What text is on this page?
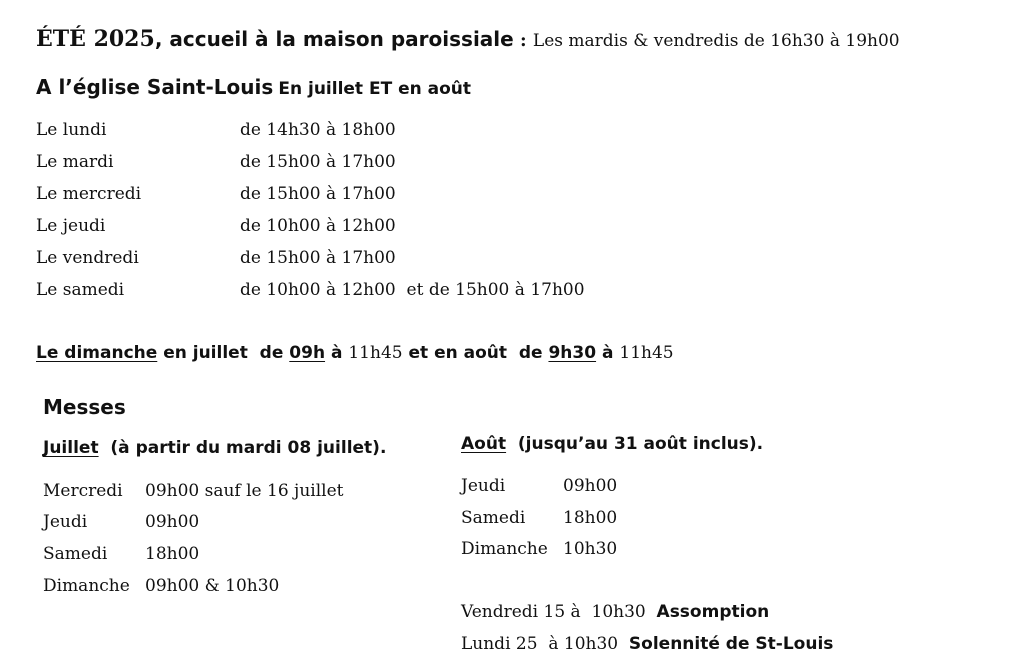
ÉTÉ 2025, accueil à la maison paroissiale : Les mardis & vendredis de 16h30 à 19h00
A l’église Saint-Louis En juillet ET en août
Le lundi	de 14h30 à 18h00
Le mardi	de 15h00 à 17h00
Le mercredi	de 15h00 à 17h00
Le jeudi	de 10h00 à 12h00
Le vendredi	de 15h00 à 17h00
Le samedi	de 10h00 à 12h00  et de 15h00 à 17h00
Le dimanche en juillet  de 09h à 11h45 et en août  de 9h30 à 11h45
Messes
Juillet  (à partir du mardi 08 juillet).
Mercredi 09h00 sauf le 16 juillet
Jeudi	09h00
Samedi 18h00
Dimanche 09h00 & 10h30
Août  (jusqu’au 31 août inclus).
Jeudi	09h00
Samedi 18h00
Dimanche 10h30
Vendredi 15 à  10h30 Assomption
Lundi 25  à 10h30 Solennité de St-Louis
